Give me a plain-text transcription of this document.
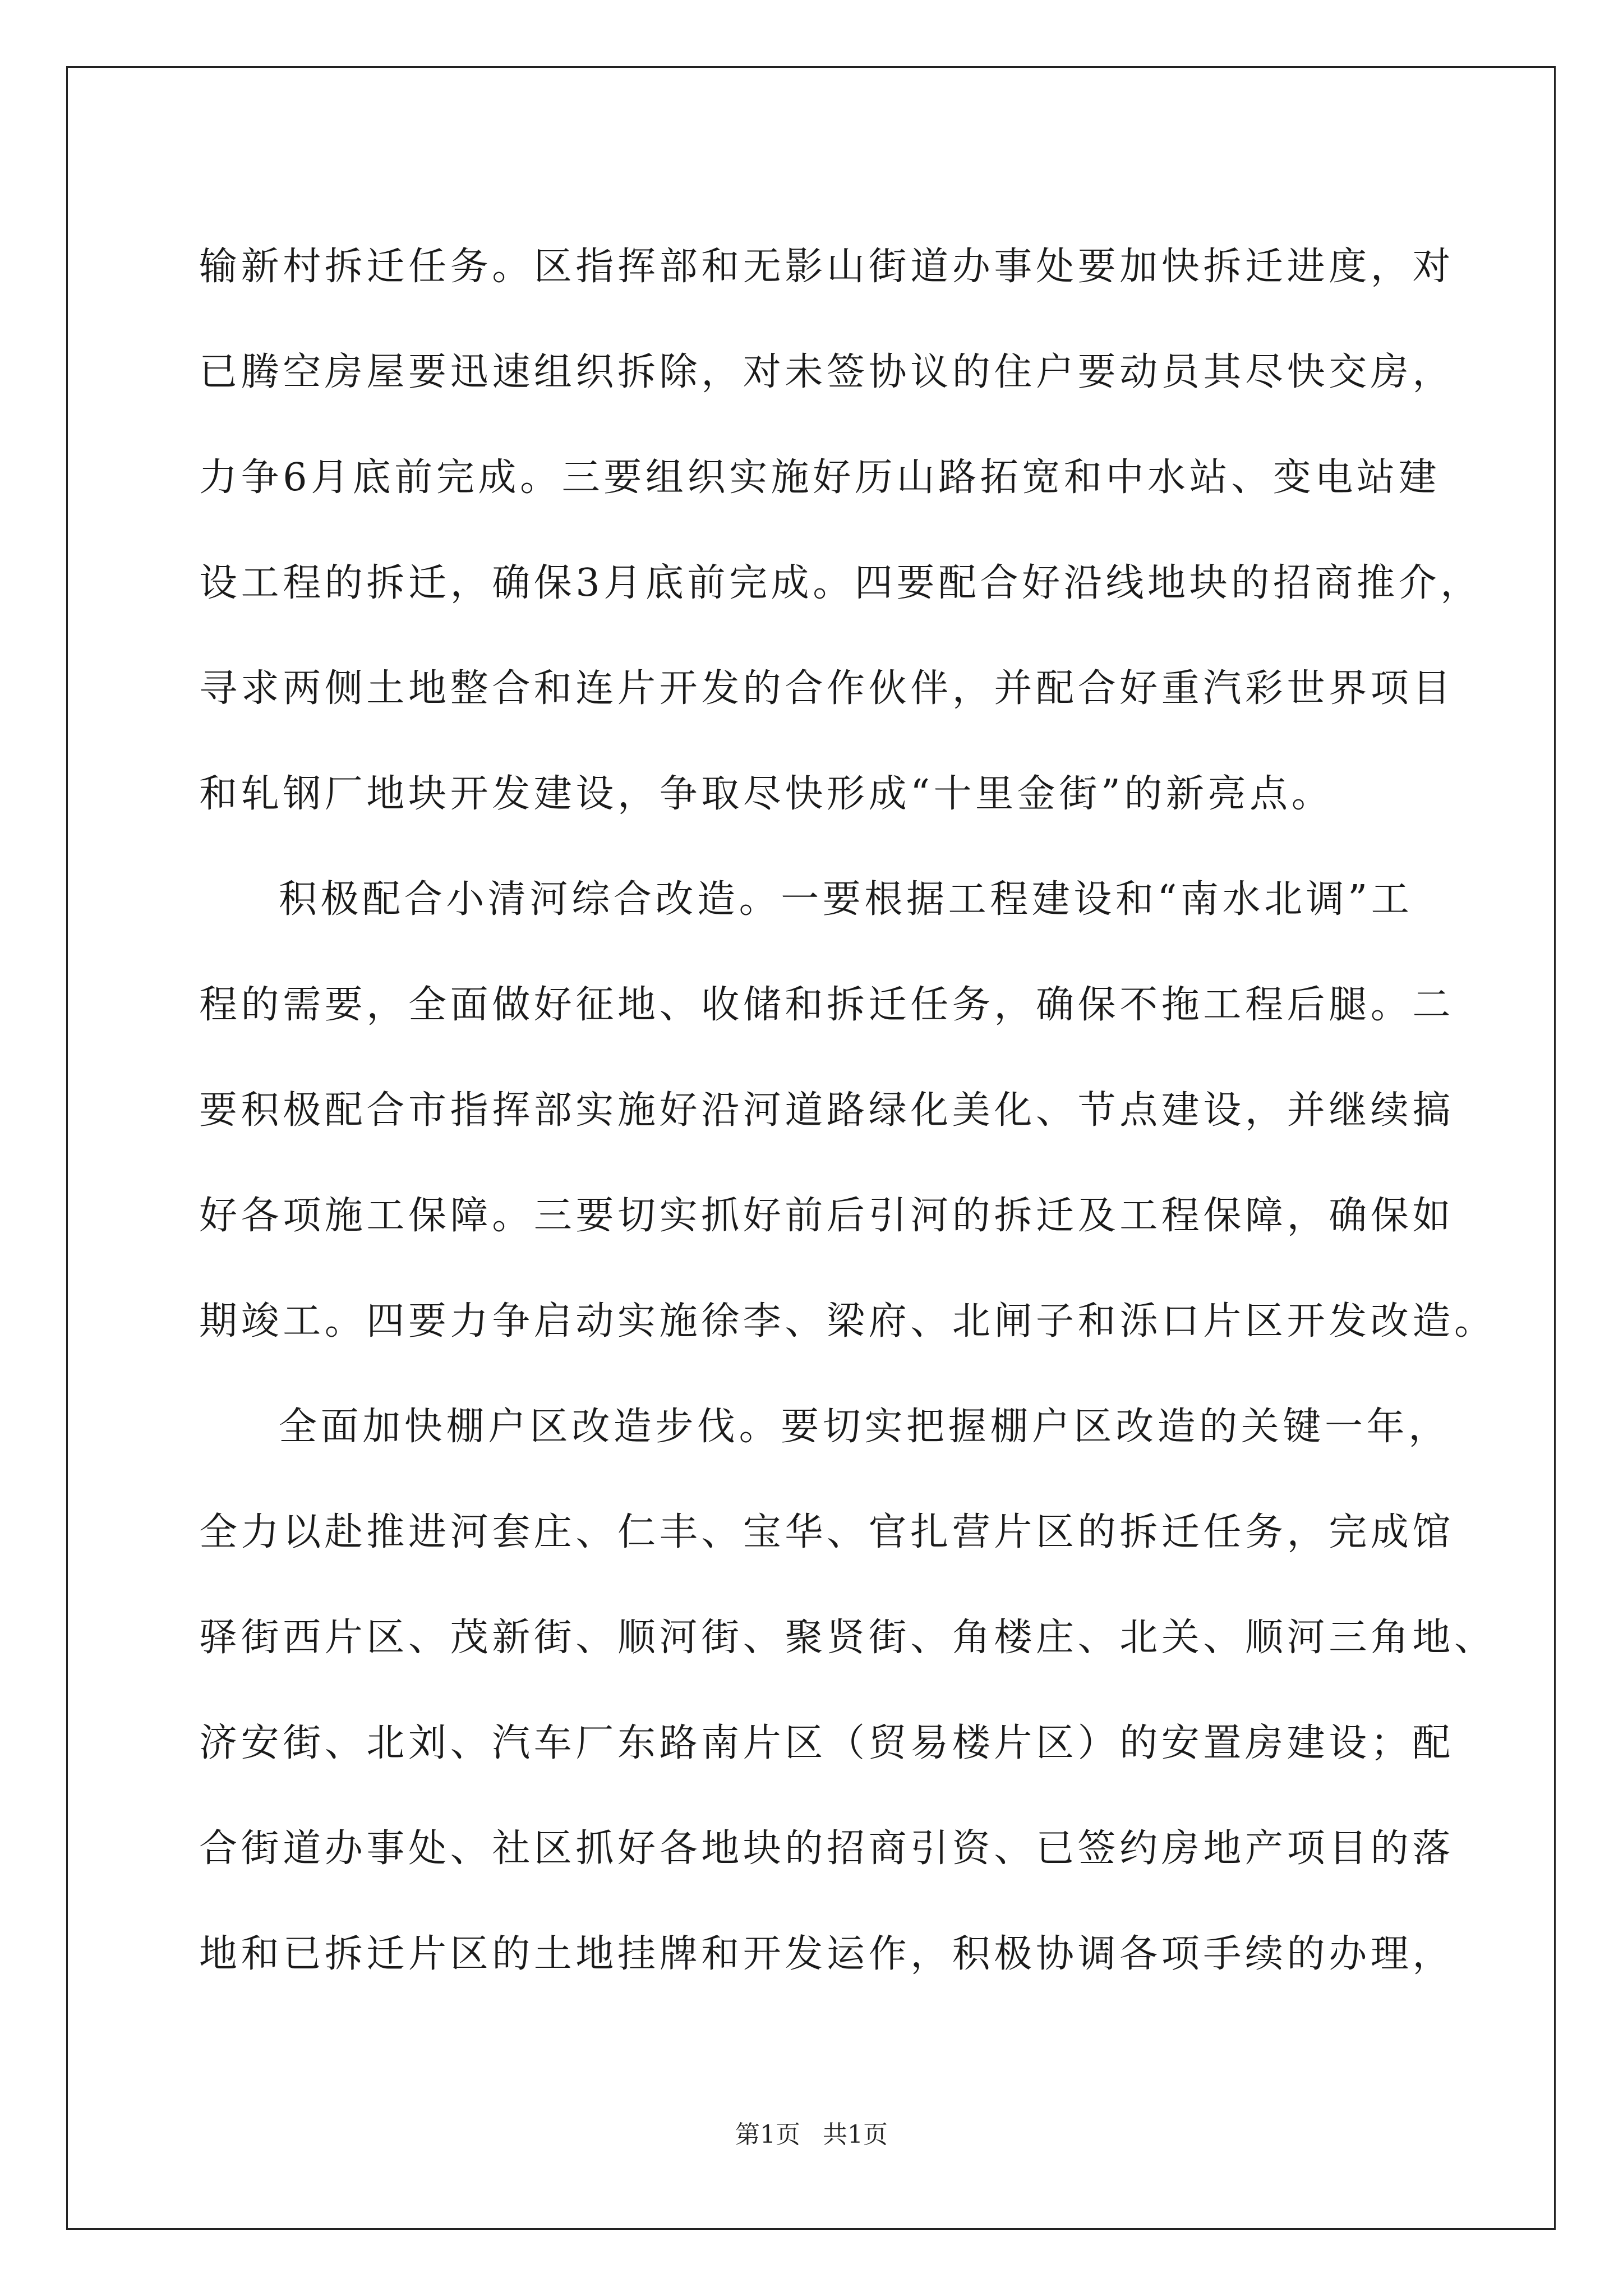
输新村拆迁任务。区指挥部和无影山街道办事处要加快拆迁进度，对
已腾空房屋要迅速组织拆除，对未签协议的住户要动员其尽快交房，
力争6月底前完成。三要组织实施好历山路拓宽和中水站、变电站建
设工程的拆迁，确保3月底前完成。四要配合好沿线地块的招商推介，
寻求两侧土地整合和连片开发的合作伙伴，并配合好重汽彩世界项目
和轧钢厂地块开发建设，争取尽快形成“十里金街”的新亮点。
积极配合小清河综合改造。一要根据工程建设和“南水北调”工
程的需要，全面做好征地、收储和拆迁任务，确保不拖工程后腿。二
要积极配合市指挥部实施好沿河道路绿化美化、节点建设，并继续搞
好各项施工保障。三要切实抓好前后引河的拆迁及工程保障，确保如
期竣工。四要力争启动实施徐李、梁府、北闸子和泺口片区开发改造。
全面加快棚户区改造步伐。要切实把握棚户区改造的关键一年，
全力以赴推进河套庄、仁丰、宝华、官扎营片区的拆迁任务，完成馆
驿街西片区、茂新街、顺河街、聚贤街、角楼庄、北关、顺河三角地、
济安街、北刘、汽车厂东路南片区（贸易楼片区）的安置房建设；配
合街道办事处、社区抓好各地块的招商引资、已签约房地产项目的落
地和已拆迁片区的土地挂牌和开发运作，积极协调各项手续的办理，
第1页 共1页
